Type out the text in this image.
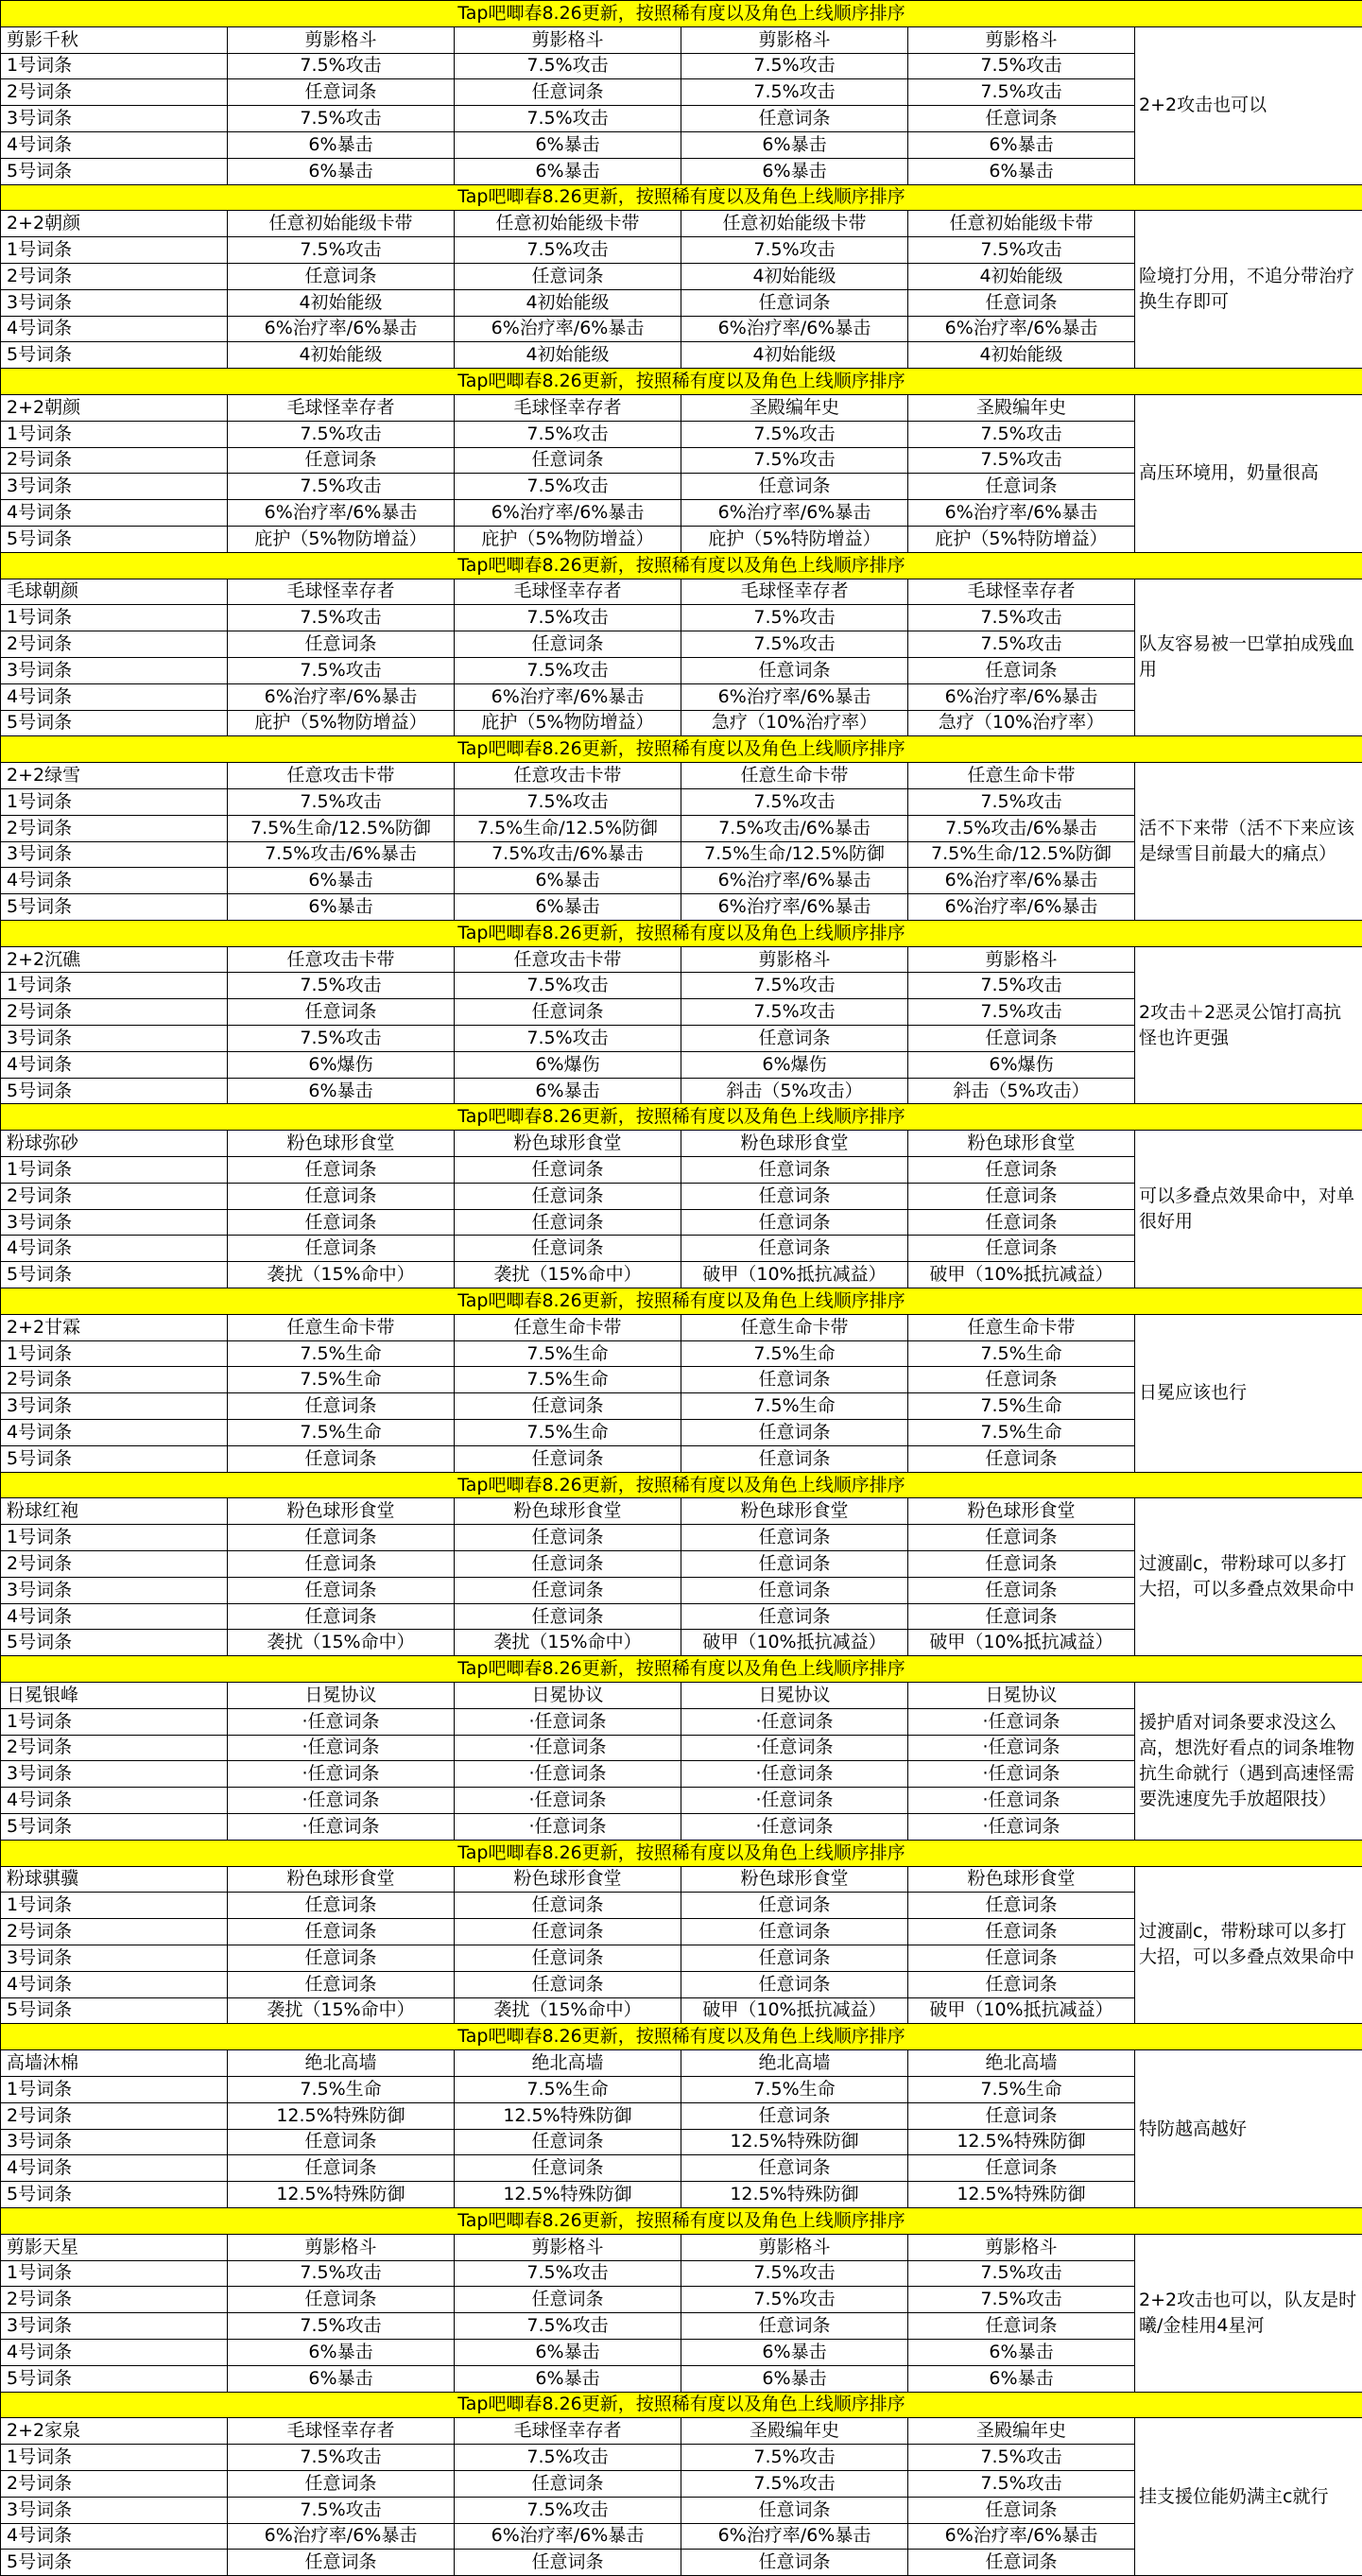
Tap吧唧春8.26更新，按照稀有度以及角色上线顺序排序					
剪影千秋	剪影格斗	剪影格斗	剪影格斗	剪影格斗	2+2攻击也可以
1号词条	7.5%攻击	7.5%攻击	7.5%攻击	7.5%攻击	
2号词条	任意词条	任意词条	7.5%攻击	7.5%攻击	
3号词条	7.5%攻击	7.5%攻击	任意词条	任意词条	
4号词条	6%暴击	6%暴击	6%暴击	6%暴击	
5号词条	6%暴击	6%暴击	6%暴击	6%暴击	
Tap吧唧春8.26更新，按照稀有度以及角色上线顺序排序					
2+2朝颜	任意初始能级卡带	任意初始能级卡带	任意初始能级卡带	任意初始能级卡带	险境打分用，不追分带治疗换生存即可
1号词条	7.5%攻击	7.5%攻击	7.5%攻击	7.5%攻击	
2号词条	任意词条	任意词条	4初始能级	4初始能级	
3号词条	4初始能级	4初始能级	任意词条	任意词条	
4号词条	6%治疗率/6%暴击	6%治疗率/6%暴击	6%治疗率/6%暴击	6%治疗率/6%暴击	
5号词条	4初始能级	4初始能级	4初始能级	4初始能级	
Tap吧唧春8.26更新，按照稀有度以及角色上线顺序排序					
2+2朝颜	毛球怪幸存者	毛球怪幸存者	圣殿编年史	圣殿编年史	高压环境用，奶量很高
1号词条	7.5%攻击	7.5%攻击	7.5%攻击	7.5%攻击	
2号词条	任意词条	任意词条	7.5%攻击	7.5%攻击	
3号词条	7.5%攻击	7.5%攻击	任意词条	任意词条	
4号词条	6%治疗率/6%暴击	6%治疗率/6%暴击	6%治疗率/6%暴击	6%治疗率/6%暴击	
5号词条	庇护（5%物防增益）	庇护（5%物防增益）	庇护（5%特防增益）	庇护（5%特防增益）	
Tap吧唧春8.26更新，按照稀有度以及角色上线顺序排序					
毛球朝颜	毛球怪幸存者	毛球怪幸存者	毛球怪幸存者	毛球怪幸存者	队友容易被一巴掌拍成残血用
1号词条	7.5%攻击	7.5%攻击	7.5%攻击	7.5%攻击	
2号词条	任意词条	任意词条	7.5%攻击	7.5%攻击	
3号词条	7.5%攻击	7.5%攻击	任意词条	任意词条	
4号词条	6%治疗率/6%暴击	6%治疗率/6%暴击	6%治疗率/6%暴击	6%治疗率/6%暴击	
5号词条	庇护（5%物防增益）	庇护（5%物防增益）	急疗（10%治疗率）	急疗（10%治疗率）	
Tap吧唧春8.26更新，按照稀有度以及角色上线顺序排序					
2+2绿雪	任意攻击卡带	任意攻击卡带	任意生命卡带	任意生命卡带	活不下来带（活不下来应该是绿雪目前最大的痛点）
1号词条	7.5%攻击	7.5%攻击	7.5%攻击	7.5%攻击	
2号词条	7.5%生命/12.5%防御	7.5%生命/12.5%防御	7.5%攻击/6%暴击	7.5%攻击/6%暴击	
3号词条	7.5%攻击/6%暴击	7.5%攻击/6%暴击	7.5%生命/12.5%防御	7.5%生命/12.5%防御	
4号词条	6%暴击	6%暴击	6%治疗率/6%暴击	6%治疗率/6%暴击	
5号词条	6%暴击	6%暴击	6%治疗率/6%暴击	6%治疗率/6%暴击	
Tap吧唧春8.26更新，按照稀有度以及角色上线顺序排序					
2+2沉礁	任意攻击卡带	任意攻击卡带	剪影格斗	剪影格斗	2攻击＋2恶灵公馆打高抗怪也许更强
1号词条	7.5%攻击	7.5%攻击	7.5%攻击	7.5%攻击	
2号词条	任意词条	任意词条	7.5%攻击	7.5%攻击	
3号词条	7.5%攻击	7.5%攻击	任意词条	任意词条	
4号词条	6%爆伤	6%爆伤	6%爆伤	6%爆伤	
5号词条	6%暴击	6%暴击	斜击（5%攻击）	斜击（5%攻击）	
Tap吧唧春8.26更新，按照稀有度以及角色上线顺序排序					
粉球弥砂	粉色球形食堂	粉色球形食堂	粉色球形食堂	粉色球形食堂	可以多叠点效果命中，对单很好用
1号词条	任意词条	任意词条	任意词条	任意词条	
2号词条	任意词条	任意词条	任意词条	任意词条	
3号词条	任意词条	任意词条	任意词条	任意词条	
4号词条	任意词条	任意词条	任意词条	任意词条	
5号词条	袭扰（15%命中）	袭扰（15%命中）	破甲（10%抵抗减益）	破甲（10%抵抗减益）	
Tap吧唧春8.26更新，按照稀有度以及角色上线顺序排序					
2+2甘霖	任意生命卡带	任意生命卡带	任意生命卡带	任意生命卡带	日冕应该也行
1号词条	7.5%生命	7.5%生命	7.5%生命	7.5%生命	
2号词条	7.5%生命	7.5%生命	任意词条	任意词条	
3号词条	任意词条	任意词条	7.5%生命	7.5%生命	
4号词条	7.5%生命	7.5%生命	任意词条	7.5%生命	
5号词条	任意词条	任意词条	任意词条	任意词条	
Tap吧唧春8.26更新，按照稀有度以及角色上线顺序排序					
粉球红袍	粉色球形食堂	粉色球形食堂	粉色球形食堂	粉色球形食堂	过渡副c，带粉球可以多打大招，可以多叠点效果命中
1号词条	任意词条	任意词条	任意词条	任意词条	
2号词条	任意词条	任意词条	任意词条	任意词条	
3号词条	任意词条	任意词条	任意词条	任意词条	
4号词条	任意词条	任意词条	任意词条	任意词条	
5号词条	袭扰（15%命中）	袭扰（15%命中）	破甲（10%抵抗减益）	破甲（10%抵抗减益）	
Tap吧唧春8.26更新，按照稀有度以及角色上线顺序排序					
日冕银峰	日冕协议	日冕协议	日冕协议	日冕协议	援护盾对词条要求没这么高，想洗好看点的词条堆物抗生命就行（遇到高速怪需要洗速度先手放超限技）
1号词条	·任意词条	·任意词条	·任意词条	·任意词条	
2号词条	·任意词条	·任意词条	·任意词条	·任意词条	
3号词条	·任意词条	·任意词条	·任意词条	·任意词条	
4号词条	·任意词条	·任意词条	·任意词条	·任意词条	
5号词条	·任意词条	·任意词条	·任意词条	·任意词条	
Tap吧唧春8.26更新，按照稀有度以及角色上线顺序排序					
粉球骐骥	粉色球形食堂	粉色球形食堂	粉色球形食堂	粉色球形食堂	过渡副c，带粉球可以多打大招，可以多叠点效果命中
1号词条	任意词条	任意词条	任意词条	任意词条	
2号词条	任意词条	任意词条	任意词条	任意词条	
3号词条	任意词条	任意词条	任意词条	任意词条	
4号词条	任意词条	任意词条	任意词条	任意词条	
5号词条	袭扰（15%命中）	袭扰（15%命中）	破甲（10%抵抗减益）	破甲（10%抵抗减益）	
Tap吧唧春8.26更新，按照稀有度以及角色上线顺序排序					
高墙沐棉	绝北高墙	绝北高墙	绝北高墙	绝北高墙	特防越高越好
1号词条	7.5%生命	7.5%生命	7.5%生命	7.5%生命	
2号词条	12.5%特殊防御	12.5%特殊防御	任意词条	任意词条	
3号词条	任意词条	任意词条	12.5%特殊防御	12.5%特殊防御	
4号词条	任意词条	任意词条	任意词条	任意词条	
5号词条	12.5%特殊防御	12.5%特殊防御	12.5%特殊防御	12.5%特殊防御	
Tap吧唧春8.26更新，按照稀有度以及角色上线顺序排序					
剪影天星	剪影格斗	剪影格斗	剪影格斗	剪影格斗	2+2攻击也可以，队友是时曦/金桂用4星河
1号词条	7.5%攻击	7.5%攻击	7.5%攻击	7.5%攻击	
2号词条	任意词条	任意词条	7.5%攻击	7.5%攻击	
3号词条	7.5%攻击	7.5%攻击	任意词条	任意词条	
4号词条	6%暴击	6%暴击	6%暴击	6%暴击	
5号词条	6%暴击	6%暴击	6%暴击	6%暴击	
Tap吧唧春8.26更新，按照稀有度以及角色上线顺序排序					
2+2家泉	毛球怪幸存者	毛球怪幸存者	圣殿编年史	圣殿编年史	挂支援位能奶满主c就行
1号词条	7.5%攻击	7.5%攻击	7.5%攻击	7.5%攻击	
2号词条	任意词条	任意词条	7.5%攻击	7.5%攻击	
3号词条	7.5%攻击	7.5%攻击	任意词条	任意词条	
4号词条	6%治疗率/6%暴击	6%治疗率/6%暴击	6%治疗率/6%暴击	6%治疗率/6%暴击	
5号词条	任意词条	任意词条	任意词条	任意词条	
